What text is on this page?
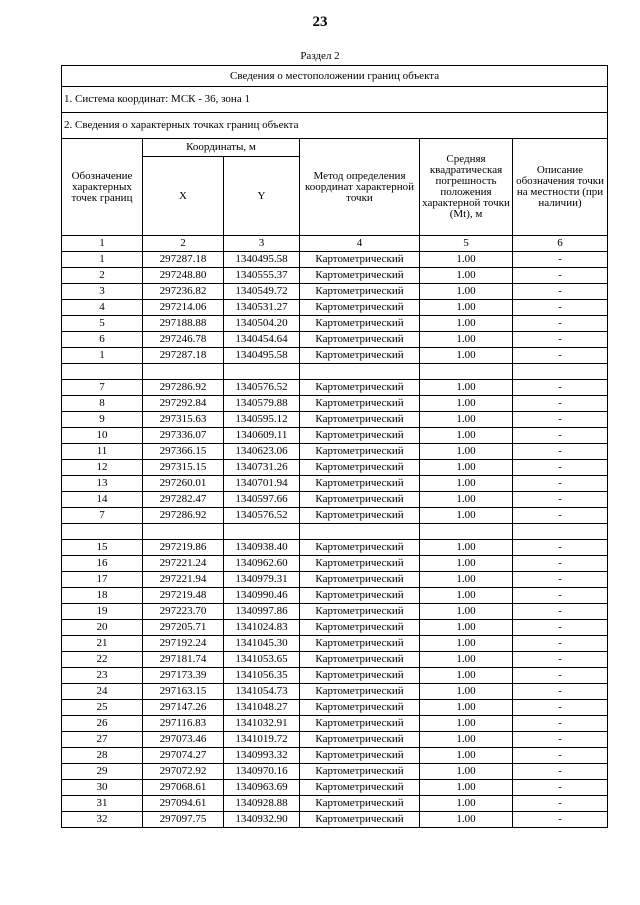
23
Раздел 2
Сведения о местоположении границ объекта					
1. Система координат: МСК - 36, зона 1					
2. Сведения о характерных точках границ объекта					
Обозначение характерных точек границ	Координаты, м		Метод определения координат характерной точки	Средняя квадратическая погрешность положения характерной точки (Mt), м	Описание обозначения точки на местности (при наличии)
	X	Y			
1	2	3	4	5	6
1	297287.18	1340495.58	Картометрический	1.00	-
2	297248.80	1340555.37	Картометрический	1.00	-
3	297236.82	1340549.72	Картометрический	1.00	-
4	297214.06	1340531.27	Картометрический	1.00	-
5	297188.88	1340504.20	Картометрический	1.00	-
6	297246.78	1340454.64	Картометрический	1.00	-
1	297287.18	1340495.58	Картометрический	1.00	-

7	297286.92	1340576.52	Картометрический	1.00	-
8	297292.84	1340579.88	Картометрический	1.00	-
9	297315.63	1340595.12	Картометрический	1.00	-
10	297336.07	1340609.11	Картометрический	1.00	-
11	297366.15	1340623.06	Картометрический	1.00	-
12	297315.15	1340731.26	Картометрический	1.00	-
13	297260.01	1340701.94	Картометрический	1.00	-
14	297282.47	1340597.66	Картометрический	1.00	-
7	297286.92	1340576.52	Картометрический	1.00	-

15	297219.86	1340938.40	Картометрический	1.00	-
16	297221.24	1340962.60	Картометрический	1.00	-
17	297221.94	1340979.31	Картометрический	1.00	-
18	297219.48	1340990.46	Картометрический	1.00	-
19	297223.70	1340997.86	Картометрический	1.00	-
20	297205.71	1341024.83	Картометрический	1.00	-
21	297192.24	1341045.30	Картометрический	1.00	-
22	297181.74	1341053.65	Картометрический	1.00	-
23	297173.39	1341056.35	Картометрический	1.00	-
24	297163.15	1341054.73	Картометрический	1.00	-
25	297147.26	1341048.27	Картометрический	1.00	-
26	297116.83	1341032.91	Картометрический	1.00	-
27	297073.46	1341019.72	Картометрический	1.00	-
28	297074.27	1340993.32	Картометрический	1.00	-
29	297072.92	1340970.16	Картометрический	1.00	-
30	297068.61	1340963.69	Картометрический	1.00	-
31	297094.61	1340928.88	Картометрический	1.00	-
32	297097.75	1340932.90	Картометрический	1.00	-
